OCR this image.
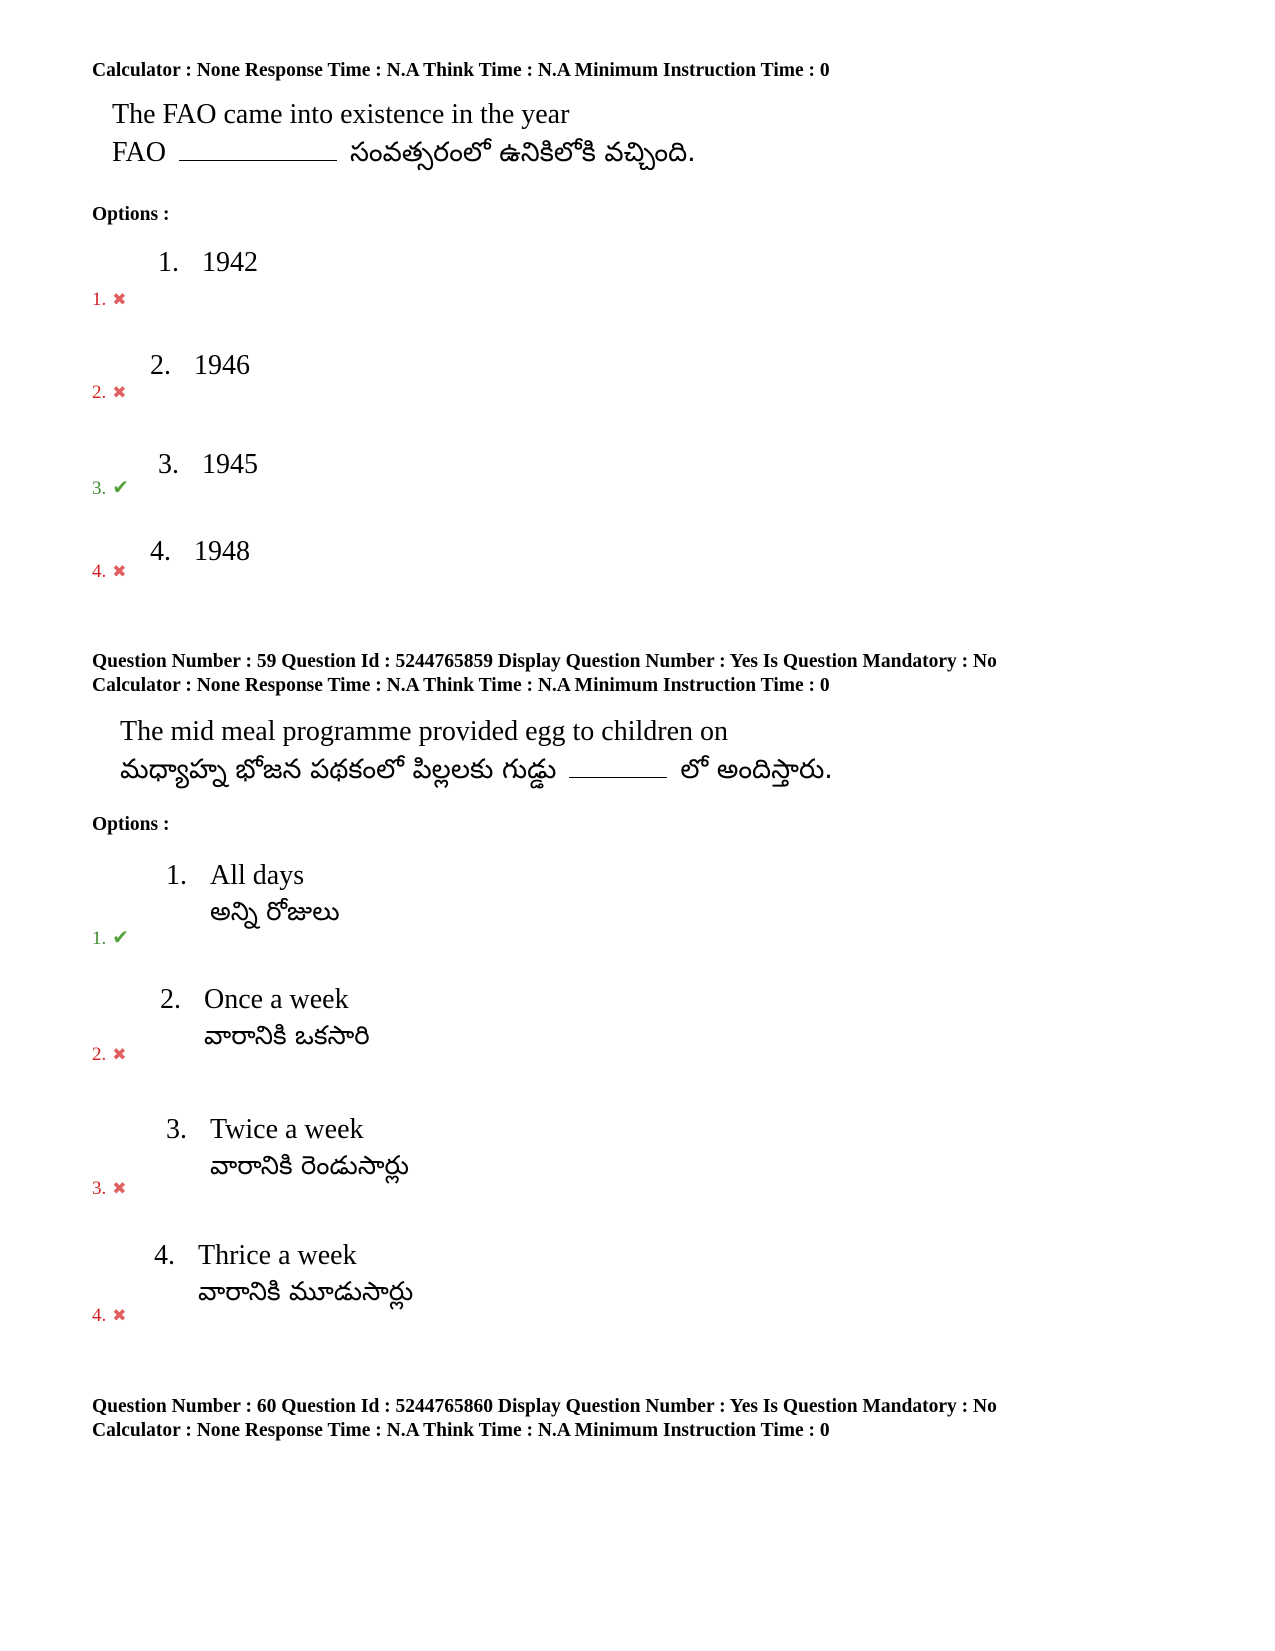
Calculator : None Response Time : N.A Think Time : N.A Minimum Instruction Time : 0
The FAO came into existence in the year
FAO	సంవత్సరంలో ఉనికిలోకి వచ్చింది.
Options :
1. 1942
1. ✖
2. 1946
2. ✖
3. 1945
3. ✔
4. 1948
4. ✖
Question Number : 59 Question Id : 5244765859 Display Question Number : Yes Is Question Mandatory : No
Calculator : None Response Time : N.A Think Time : N.A Minimum Instruction Time : 0
The mid meal programme provided egg to children on
మధ్యాహ్న భోజన పథకంలో పిల్లలకు గుడ్డు	లో అందిస్తారు.
Options :
1. All days
అన్ని రోజులు
1. ✔
2. Once a week
వారానికి ఒకసారి
2. ✖
3. Twice a week
వారానికి రెండుసార్లు
3. ✖
4. Thrice a week
వారానికి మూడుసార్లు
4. ✖
Question Number : 60 Question Id : 5244765860 Display Question Number : Yes Is Question Mandatory : No
Calculator : None Response Time : N.A Think Time : N.A Minimum Instruction Time : 0
